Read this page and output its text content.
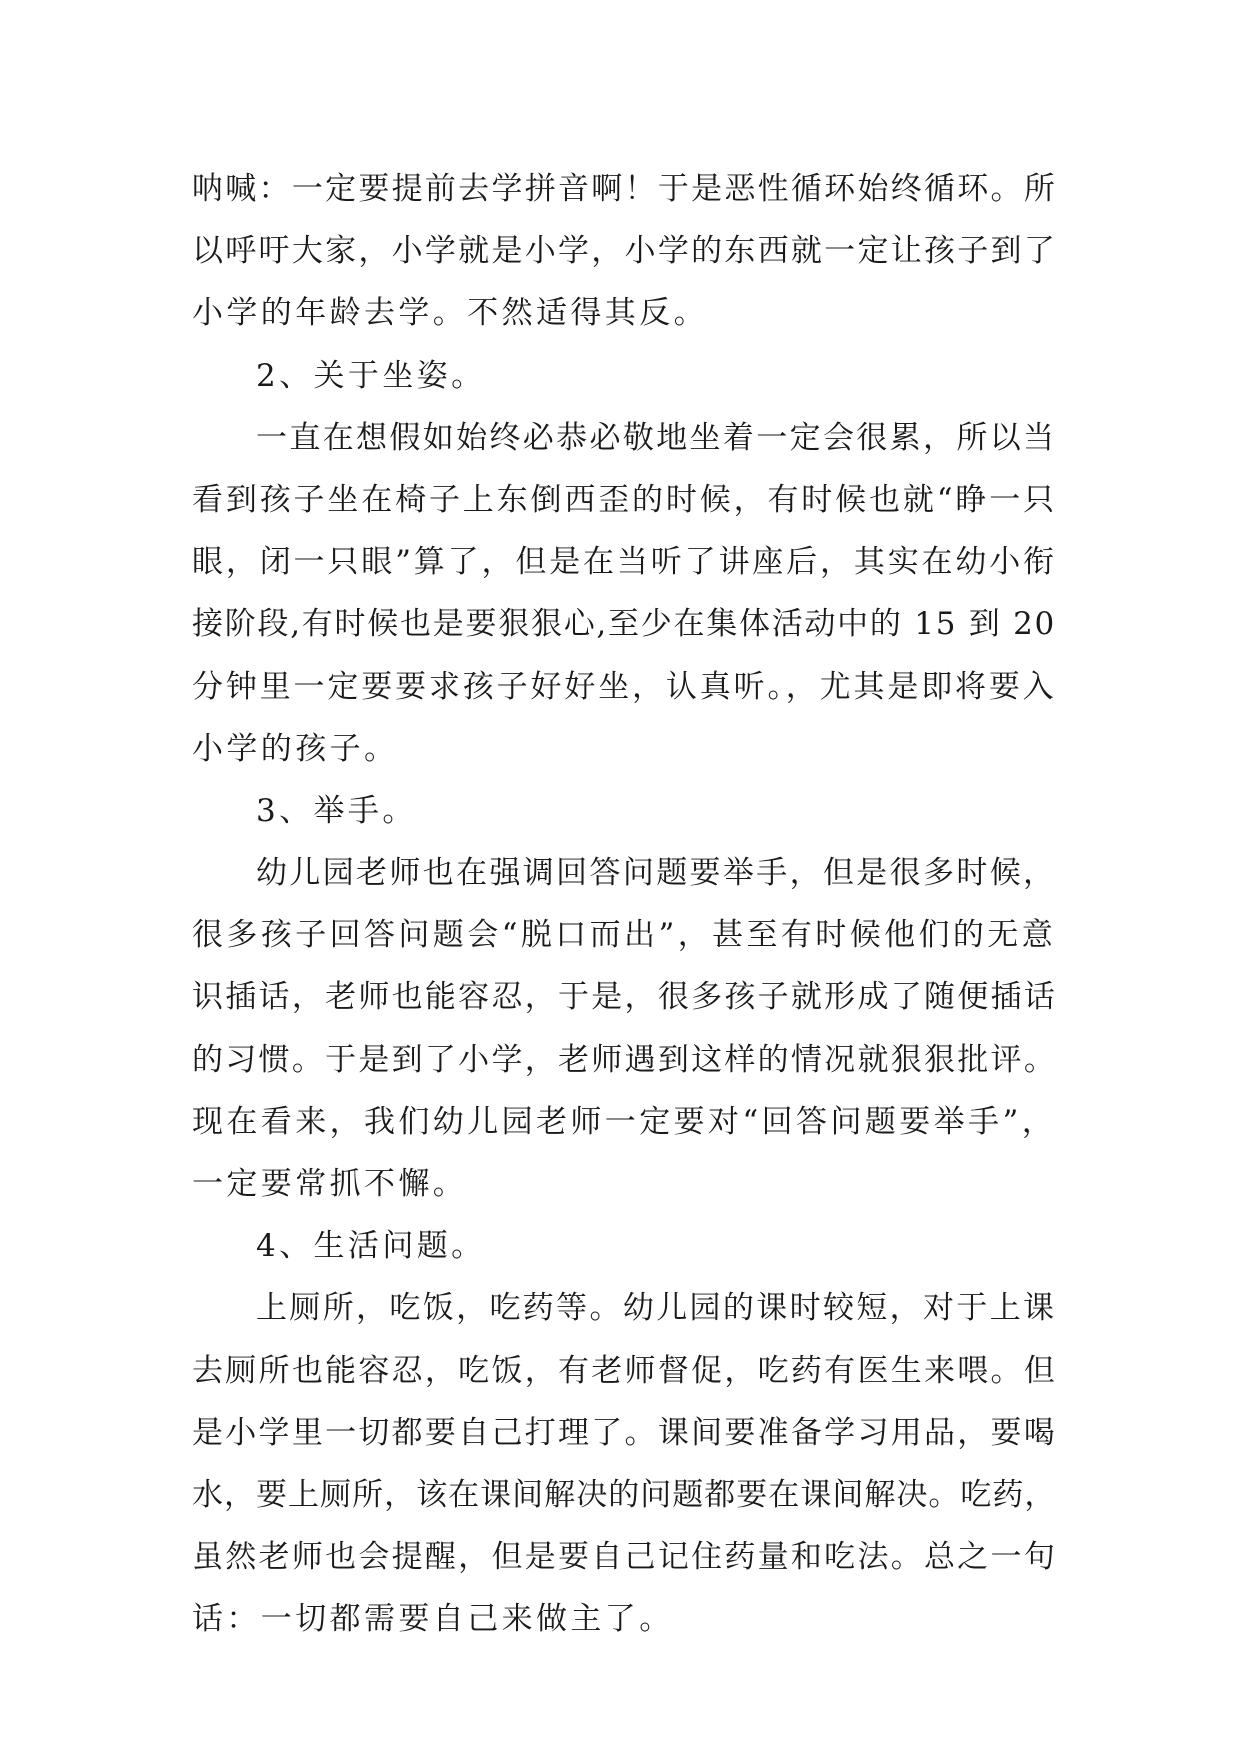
呐喊：一定要提前去学拼音啊！于是恶性循环始终循环。所
以呼吁大家，小学就是小学，小学的东西就一定让孩子到了
小学的年龄去学。不然适得其反。
2、关于坐姿。
一直在想假如始终必恭必敬地坐着一定会很累，所以当
看到孩子坐在椅子上东倒西歪的时候，有时候也就“睁一只
眼，闭一只眼”算了，但是在当听了讲座后，其实在幼小衔
接阶段,有时候也是要狠狠心,至少在集体活动中的 15 到 20
分钟里一定要要求孩子好好坐，认真听。，尤其是即将要入
小学的孩子。
3、举手。
幼儿园老师也在强调回答问题要举手，但是很多时候，
很多孩子回答问题会“脱口而出”，甚至有时候他们的无意
识插话，老师也能容忍，于是，很多孩子就形成了随便插话
的习惯。于是到了小学，老师遇到这样的情况就狠狠批评。
现在看来，我们幼儿园老师一定要对“回答问题要举手”，
一定要常抓不懈。
4、生活问题。
上厕所，吃饭，吃药等。幼儿园的课时较短，对于上课
去厕所也能容忍，吃饭，有老师督促，吃药有医生来喂。但
是小学里一切都要自己打理了。课间要准备学习用品，要喝
水，要上厕所，该在课间解决的问题都要在课间解决。吃药，
虽然老师也会提醒，但是要自己记住药量和吃法。总之一句
话：一切都需要自己来做主了。
